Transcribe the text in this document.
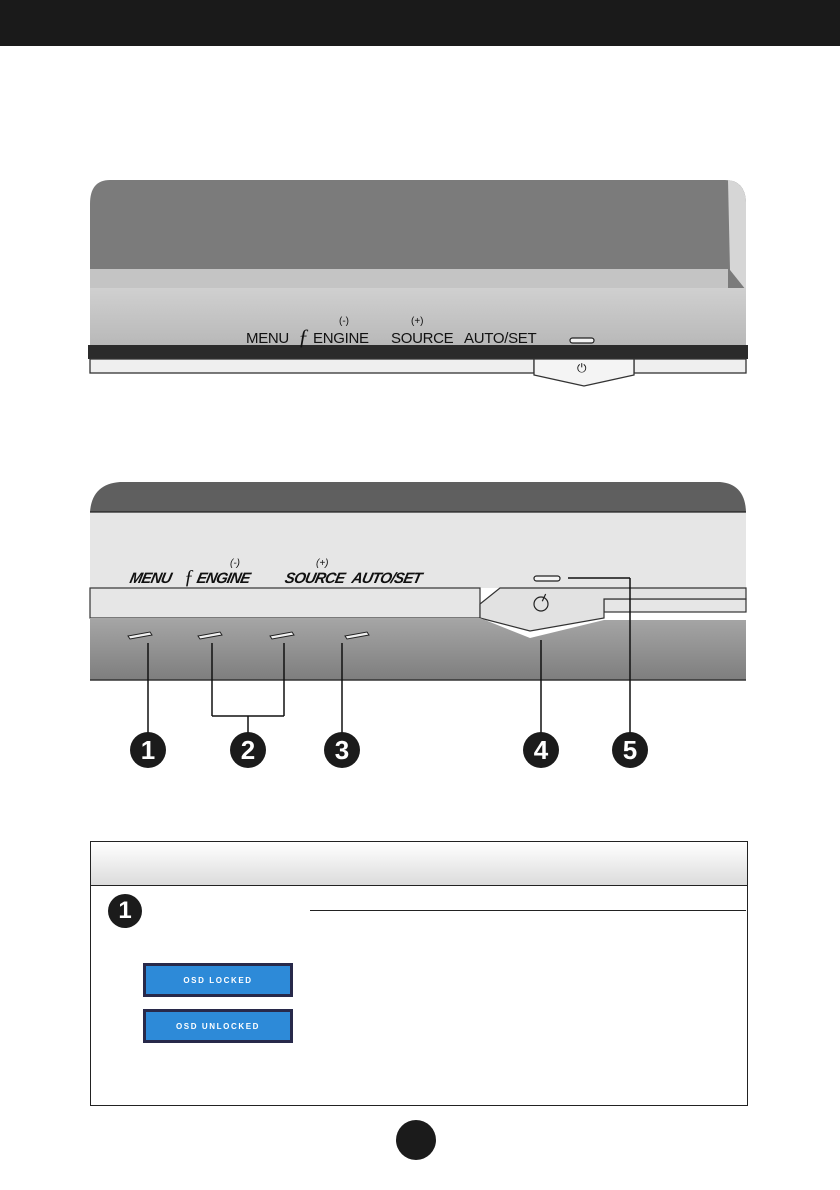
MENU ƒ
(-)
ENGINE
(+)
SOURCE AUTO/SET
⏻
MENU ƒ
(-)
ENGINE
(+)
SOURCE AUTO/SET
1	2	3	4	5
1
OSD LOCKED
OSD UNLOCKED
